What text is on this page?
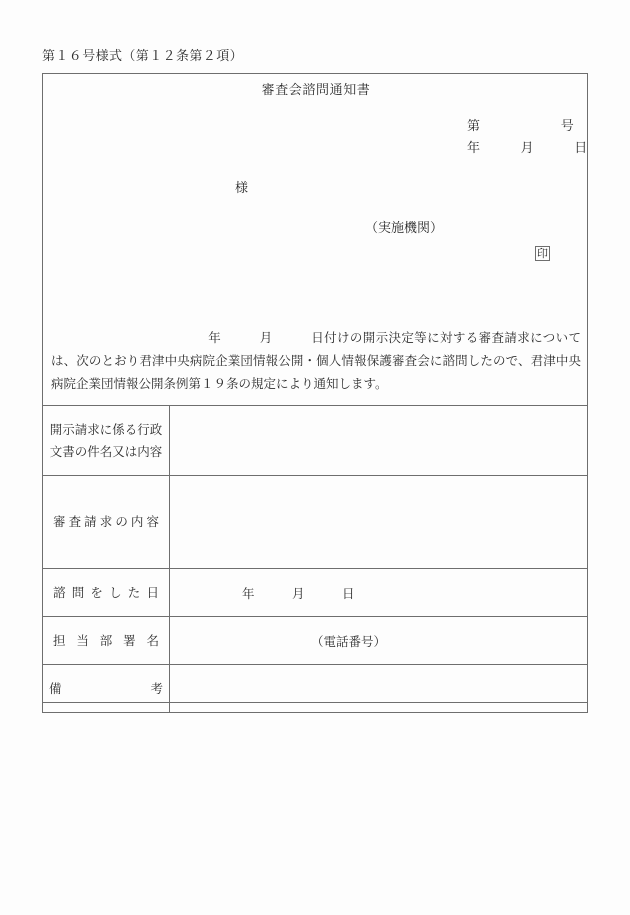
第１６号様式（第１２条第２項）
審査会諮問通知書
第　　　　　　号
年　　　月　　　日
様
（実施機関）
印
　　　　　　年　　　月　　　日付けの開示決定等に対する審査請求については、次のとおり君津中央病院企業団情報公開・個人情報保護審査会に諮問したので、君津中央病院企業団情報公開条例第１９条の規定により通知します。
開示請求に係る行政
文書の件名又は内容	

審査請求の内容	

諮問をした日	年　　　月　　　日

担当部署名	（電話番号）

備考	
